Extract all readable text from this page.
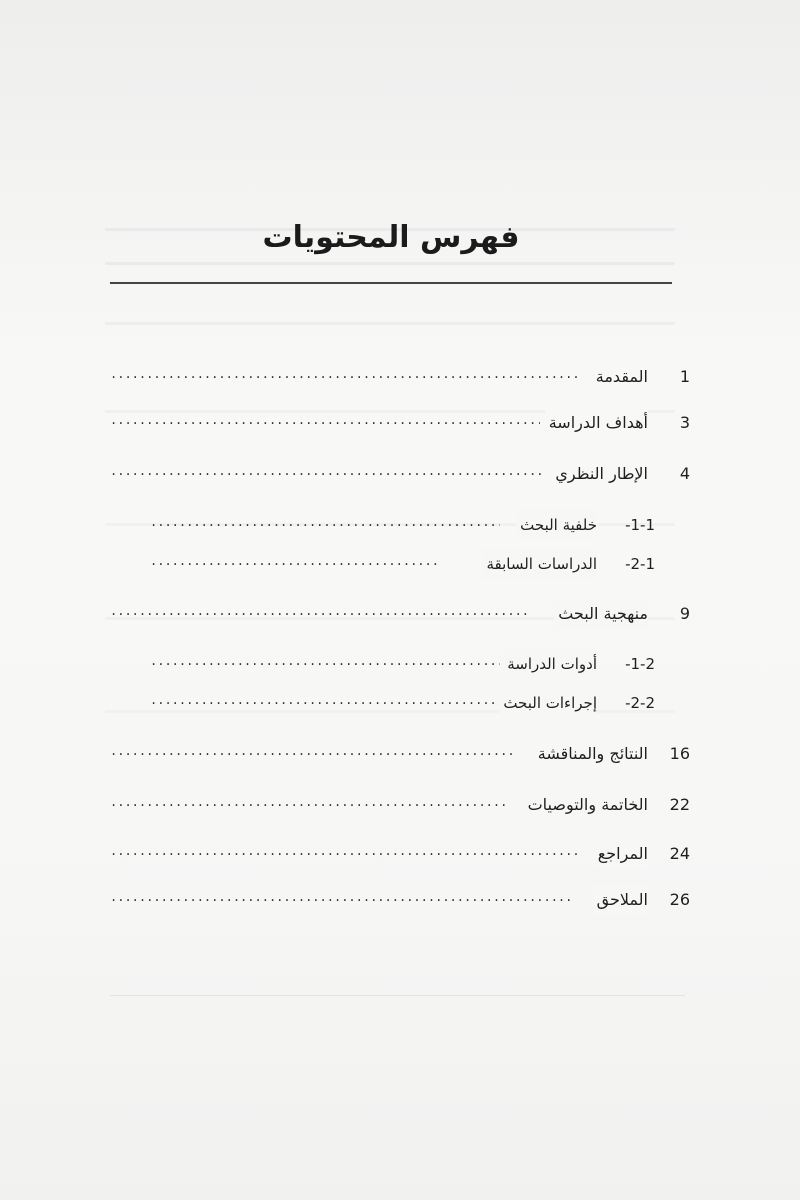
فهرس المحتويات
.....
المقدمة	1
.....
أهداف الدراسة	3
.....
الإطار النظري	4
.....
خلفية البحث	1-1-
.....
الدراسات السابقة	2-1-
.....
منهجية البحث	9
.....
أدوات الدراسة	1-2-
.....
إجراءات البحث	2-2-
.....
النتائج والمناقشة	16
.....
الخاتمة والتوصيات	22
.....
المراجع	24
.....
الملاحق	26
